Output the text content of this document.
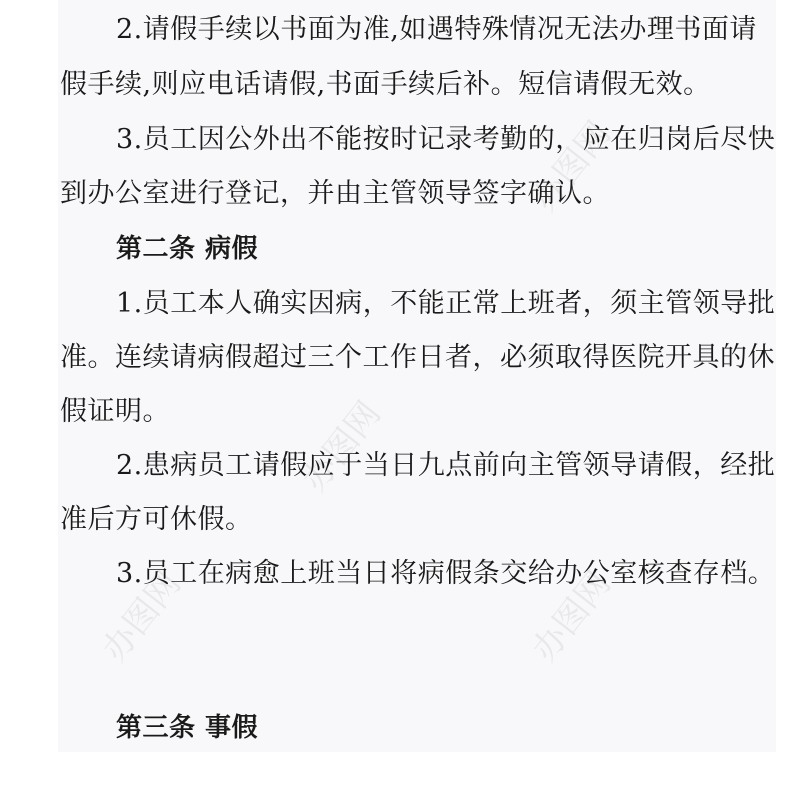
办图网
办图网
办图网
办图网
2.请假手续以书面为准,如遇特殊情况无法办理书面请
假手续,则应电话请假,书面手续后补。短信请假无效。
3.员工因公外出不能按时记录考勤的，应在归岗后尽快
到办公室进行登记，并由主管领导签字确认。
第二条 病假
1.员工本人确实因病，不能正常上班者，须主管领导批
准。连续请病假超过三个工作日者，必须取得医院开具的休
假证明。
2.患病员工请假应于当日九点前向主管领导请假，经批
准后方可休假。
3.员工在病愈上班当日将病假条交给办公室核查存档。
第三条 事假
